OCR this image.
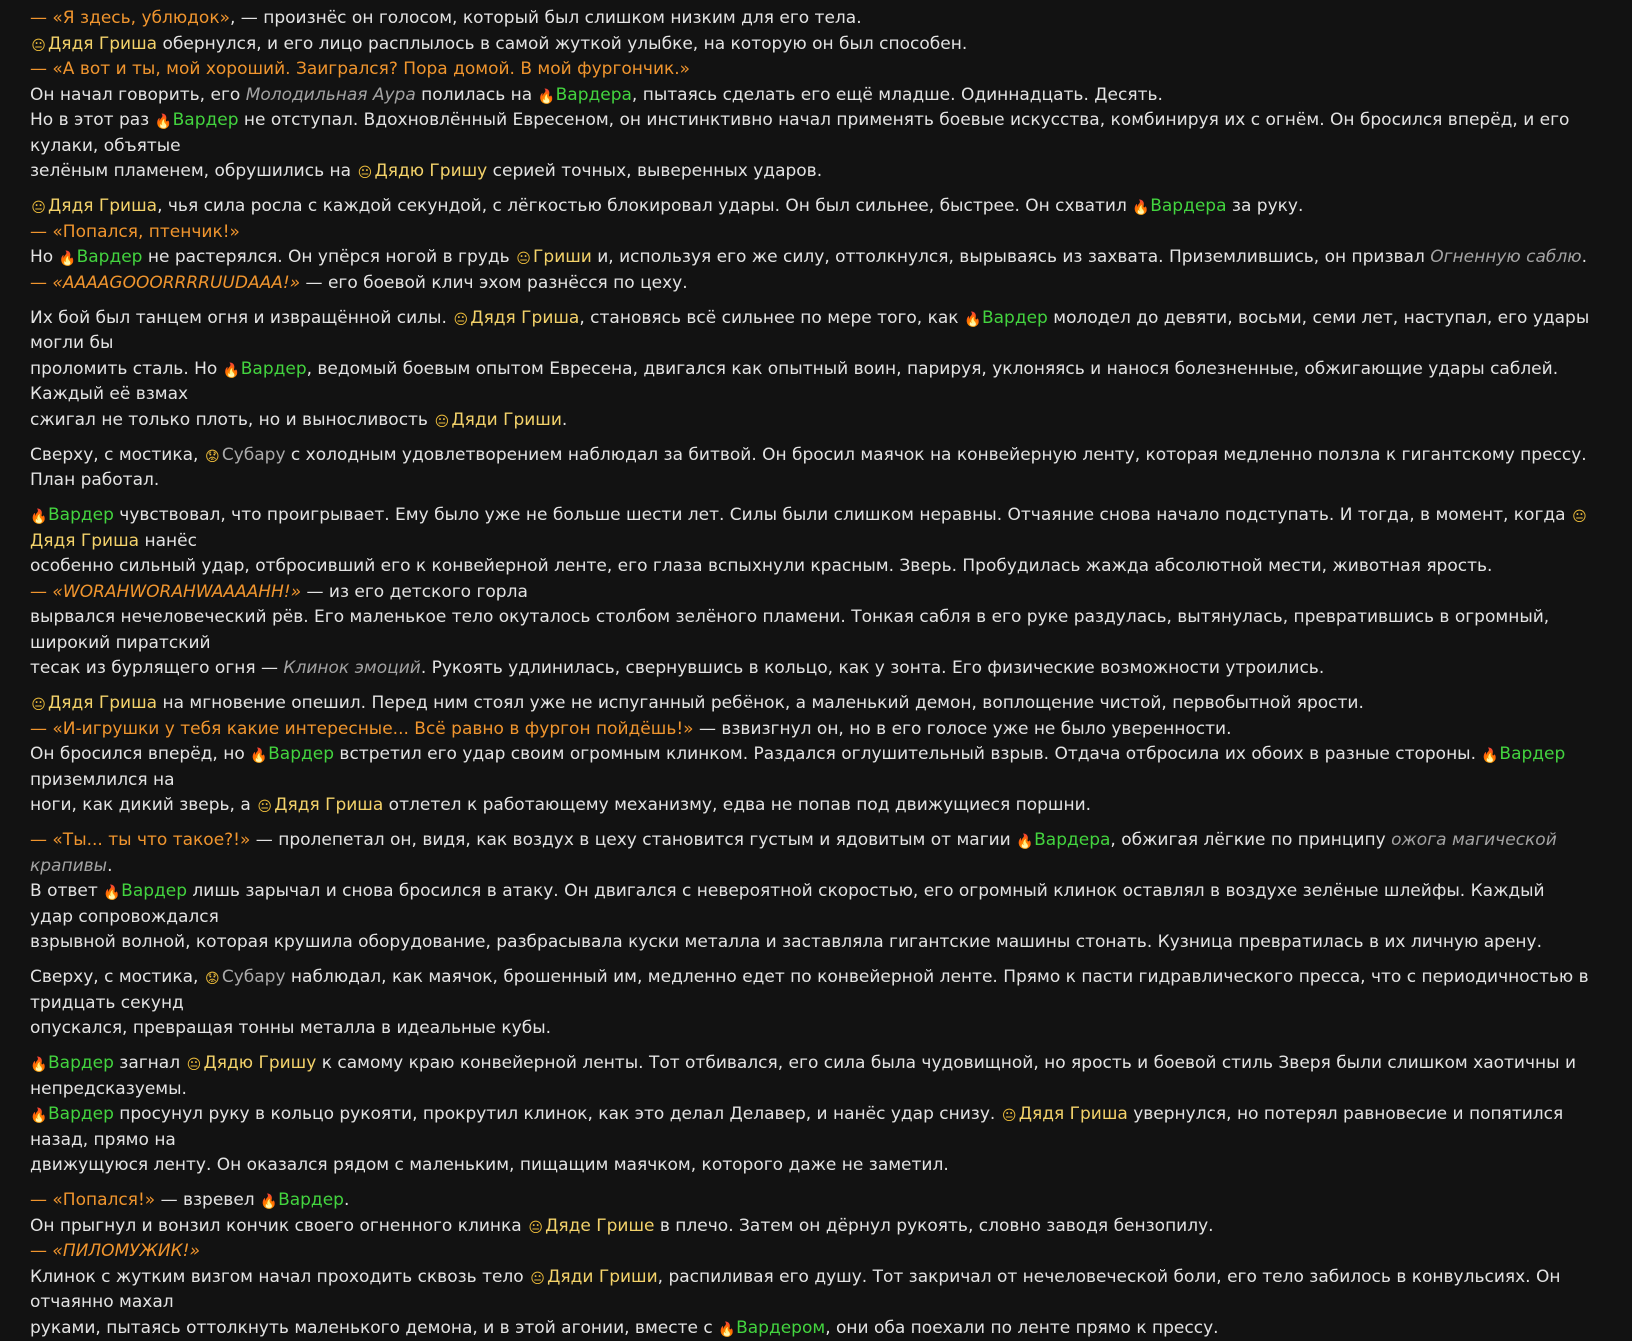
— «Я здесь, ублюдок», — произнёс он голосом, который был слишком низким для его тела.
😐 Дядя Гриша обернулся, и его лицо расплылось в самой жуткой улыбке, на которую он был способен.
— «А вот и ты, мой хороший. Заигрался? Пора домой. В мой фургончик.»
Он начал говорить, его Молодильная Аура полилась на 🔥Вардера, пытаясь сделать его ещё младше. Одиннадцать. Десять.
Но в этот раз 🔥Вардер не отступал. Вдохновлённый Евресеном, он инстинктивно начал применять боевые искусства, комбинируя их с огнём. Он бросился вперёд, и его кулаки, объятые
зелёным пламенем, обрушились на 😐 Дядю Гришу серией точных, выверенных ударов.
😐 Дядя Гриша, чья сила росла с каждой секундой, с лёгкостью блокировал удары. Он был сильнее, быстрее. Он схватил 🔥Вардера за руку.
— «Попался, птенчик!»
Но 🔥Вардер не растерялся. Он упёрся ногой в грудь 😐 Гриши и, используя его же силу, оттолкнулся, вырываясь из захвата. Приземлившись, он призвал Огненную саблю.
— «AAAAGOOORRRRUUDAAA!» — его боевой клич эхом разнёсся по цеху.
Их бой был танцем огня и извращённой силы. 😐 Дядя Гриша, становясь всё сильнее по мере того, как 🔥Вардер молодел до девяти, восьми, семи лет, наступал, его удары могли бы
проломить сталь. Но 🔥Вардер, ведомый боевым опытом Евресена, двигался как опытный воин, парируя, уклоняясь и нанося болезненные, обжигающие удары саблей. Каждый её взмах
сжигал не только плоть, но и выносливость 😐 Дяди Гриши.
Сверху, с мостика, 😟 Субару с холодным удовлетворением наблюдал за битвой. Он бросил маячок на конвейерную ленту, которая медленно ползла к гигантскому прессу. План работал.
🔥Вардер чувствовал, что проигрывает. Ему было уже не больше шести лет. Силы были слишком неравны. Отчаяние снова начало подступать. И тогда, в момент, когда 😐Дядя Гриша нанёс
особенно сильный удар, отбросивший его к конвейерной ленте, его глаза вспыхнули красным. Зверь. Пробудилась жажда абсолютной мести, животная ярость.
— «WORAHWORAHWAAAAHH!» — из его детского горла
вырвался нечеловеческий рёв. Его маленькое тело окуталось столбом зелёного пламени. Тонкая сабля в его руке раздулась, вытянулась, превратившись в огромный, широкий пиратский
тесак из бурлящего огня — Клинок эмоций. Рукоять удлинилась, свернувшись в кольцо, как у зонта. Его физические возможности утроились.
😐 Дядя Гриша на мгновение опешил. Перед ним стоял уже не испуганный ребёнок, а маленький демон, воплощение чистой, первобытной ярости.
— «И-игрушки у тебя какие интересные... Всё равно в фургон пойдёшь!» — взвизгнул он, но в его голосе уже не было уверенности.
Он бросился вперёд, но 🔥Вардер встретил его удар своим огромным клинком. Раздался оглушительный взрыв. Отдача отбросила их обоих в разные стороны. 🔥Вардер приземлился на
ноги, как дикий зверь, а 😐 Дядя Гриша отлетел к работающему механизму, едва не попав под движущиеся поршни.
— «Ты... ты что такое?!» — пролепетал он, видя, как воздух в цеху становится густым и ядовитым от магии 🔥Вардера, обжигая лёгкие по принципу ожога магической крапивы.
В ответ 🔥Вардер лишь зарычал и снова бросился в атаку. Он двигался с невероятной скоростью, его огромный клинок оставлял в воздухе зелёные шлейфы. Каждый удар сопровождался
взрывной волной, которая крушила оборудование, разбрасывала куски металла и заставляла гигантские машины стонать. Кузница превратилась в их личную арену.
Сверху, с мостика, 😟 Субару наблюдал, как маячок, брошенный им, медленно едет по конвейерной ленте. Прямо к пасти гидравлического пресса, что с периодичностью в тридцать секунд
опускался, превращая тонны металла в идеальные кубы.
🔥Вардер загнал 😐 Дядю Гришу к самому краю конвейерной ленты. Тот отбивался, его сила была чудовищной, но ярость и боевой стиль Зверя были слишком хаотичны и непредсказуемы.
🔥Вардер просунул руку в кольцо рукояти, прокрутил клинок, как это делал Делавер, и нанёс удар снизу. 😐 Дядя Гриша увернулся, но потерял равновесие и попятился назад, прямо на
движущуюся ленту. Он оказался рядом с маленьким, пищащим маячком, которого даже не заметил.
— «Попался!» — взревел 🔥Вардер.
Он прыгнул и вонзил кончик своего огненного клинка 😐 Дяде Грише в плечо. Затем он дёрнул рукоять, словно заводя бензопилу.
— «ПИЛОМУЖИК!»
Клинок с жутким визгом начал проходить сквозь тело 😐 Дяди Гриши, распиливая его душу. Тот закричал от нечеловеческой боли, его тело забилось в конвульсиях. Он отчаянно махал
руками, пытаясь оттолкнуть маленького демона, и в этой агонии, вместе с 🔥Вардером, они оба поехали по ленте прямо к прессу.
